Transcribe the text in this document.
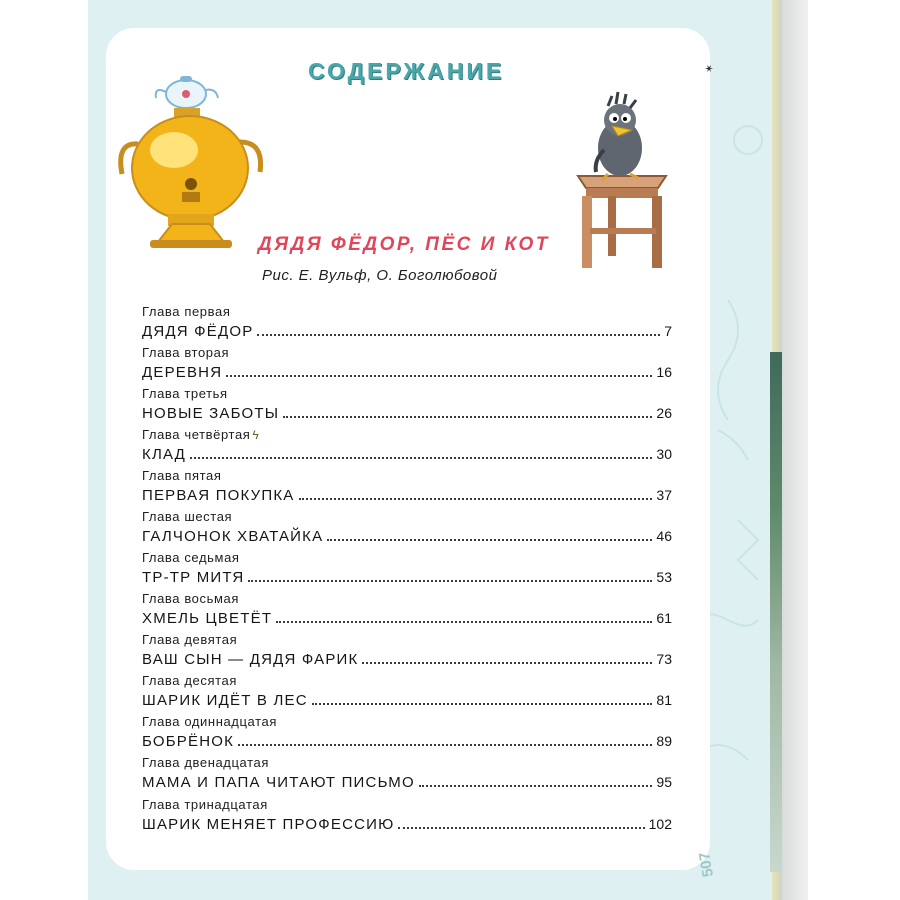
СОДЕРЖАНИЕ
ДЯДЯ ФЁДОР, ПЁС И КОТ
Рис. Е. Вульф, О. Боголюбовой
✶
507
Глава первая
ДЯДЯ ФЁДОР	7
Глава вторая
ДЕРЕВНЯ	16
Глава третья
НОВЫЕ ЗАБОТЫ	26
Глава четвёртая ϟ
КЛАД	30
Глава пятая
ПЕРВАЯ ПОКУПКА	37
Глава шестая
ГАЛЧОНОК ХВАТАЙКА	46
Глава седьмая
ТР-ТР МИТЯ	53
Глава восьмая
ХМЕЛЬ ЦВЕТЁТ	61
Глава девятая
ВАШ СЫН — ДЯДЯ ФАРИК	73
Глава десятая
ШАРИК ИДЁТ В ЛЕС	81
Глава одиннадцатая
БОБРЁНОК	89
Глава двенадцатая
МАМА И ПАПА ЧИТАЮТ ПИСЬМО	95
Глава тринадцатая
ШАРИК МЕНЯЕТ ПРОФЕССИЮ	102
